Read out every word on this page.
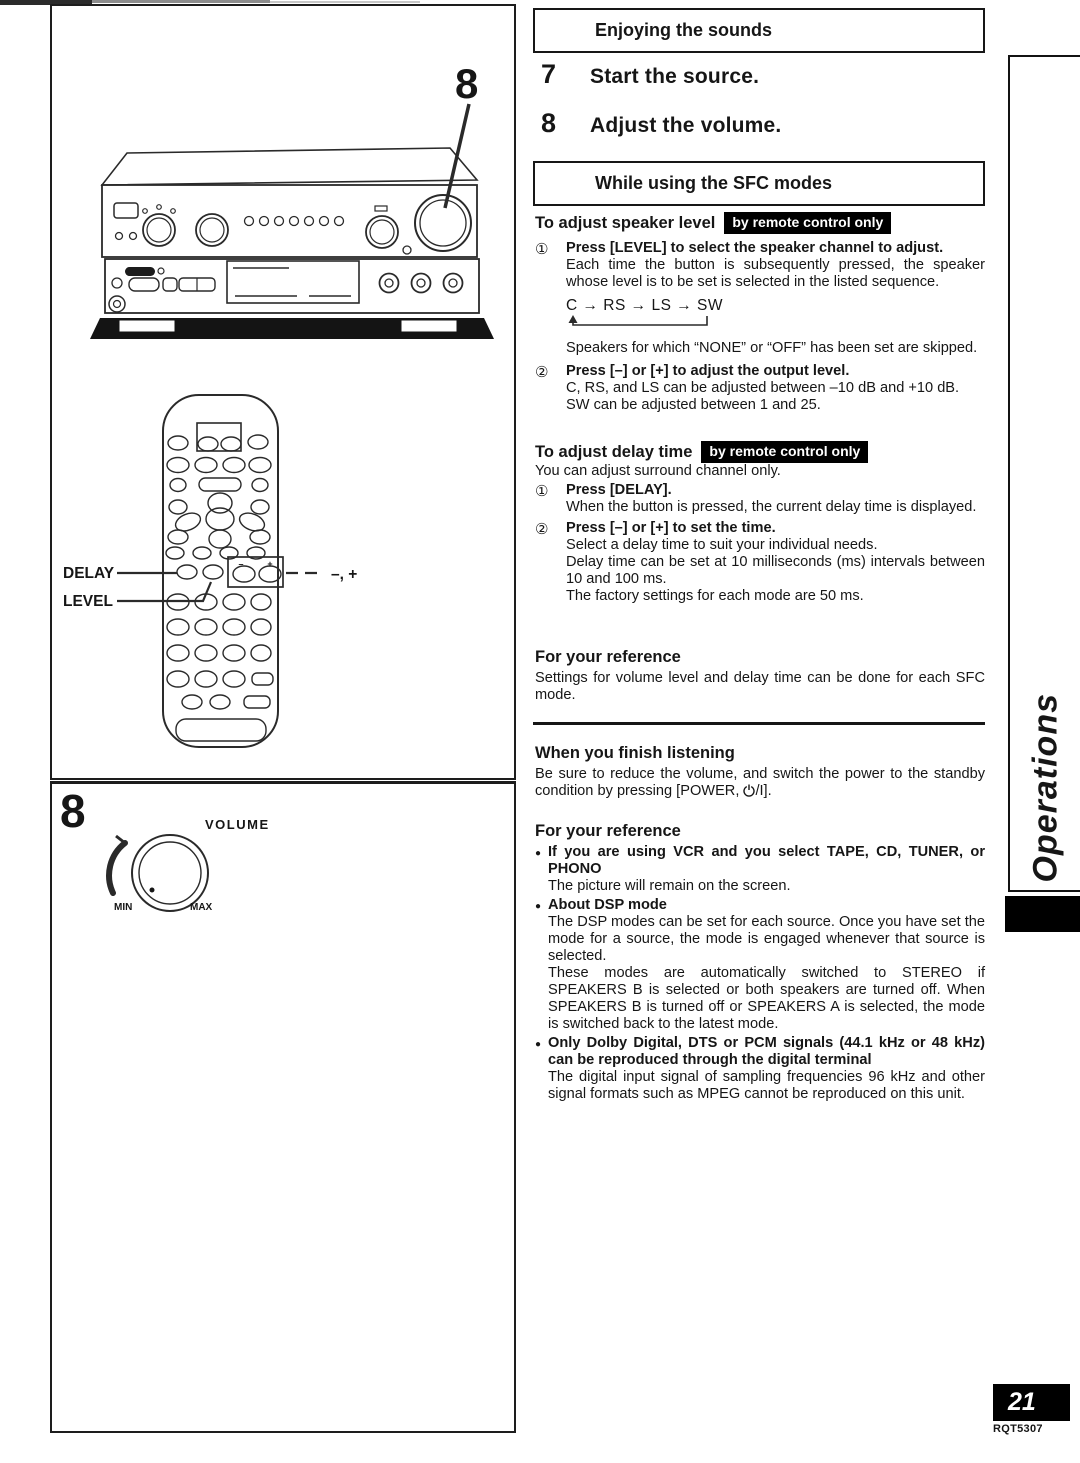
8
–	+
DELAY
LEVEL
–, +
8	VOLUME
MIN	MAX
Enjoying the sounds
7	Start the source.
8	Adjust the volume.
While using the SFC modes
To adjust speaker level	by remote control only
① Press [LEVEL] to select the speaker channel to adjust.
Each time the button is subsequently pressed, the speaker whose level is to be set is selected in the listed sequence.
C → RS → LS → SW
Speakers for which “NONE” or “OFF” has been set are skipped.
② Press [–] or [+] to adjust the output level.
C, RS, and LS can be adjusted between –10 dB and +10 dB.
SW can be adjusted between 1 and 25.
To adjust delay time	by remote control only
You can adjust surround channel only.
① Press [DELAY].
When the button is pressed, the current delay time is displayed.
② Press [–] or [+] to set the time.
Select a delay time to suit your individual needs.
Delay time can be set at 10 milliseconds (ms) intervals between 10 and 100 ms.
The factory settings for each mode are 50 ms.
For your reference
Settings for volume level and delay time can be done for each SFC mode.
When you finish listening
Be sure to reduce the volume, and switch the power to the standby condition by pressing [POWER, /I].
For your reference
● If you are using VCR and you select TAPE, CD, TUNER, or PHONO
The picture will remain on the screen.
● About DSP mode
The DSP modes can be set for each source. Once you have set the mode for a source, the mode is engaged whenever that source is selected.
These modes are automatically switched to STEREO if SPEAKERS B is selected or both speakers are turned off. When SPEAKERS B is turned off or SPEAKERS A is selected, the mode is switched back to the latest mode.
● Only Dolby Digital, DTS or PCM signals (44.1 kHz or 48 kHz) can be reproduced through the digital terminal
The digital input signal of sampling frequencies 96 kHz and other signal formats such as MPEG cannot be reproduced on this unit.
Operations
21
RQT5307
